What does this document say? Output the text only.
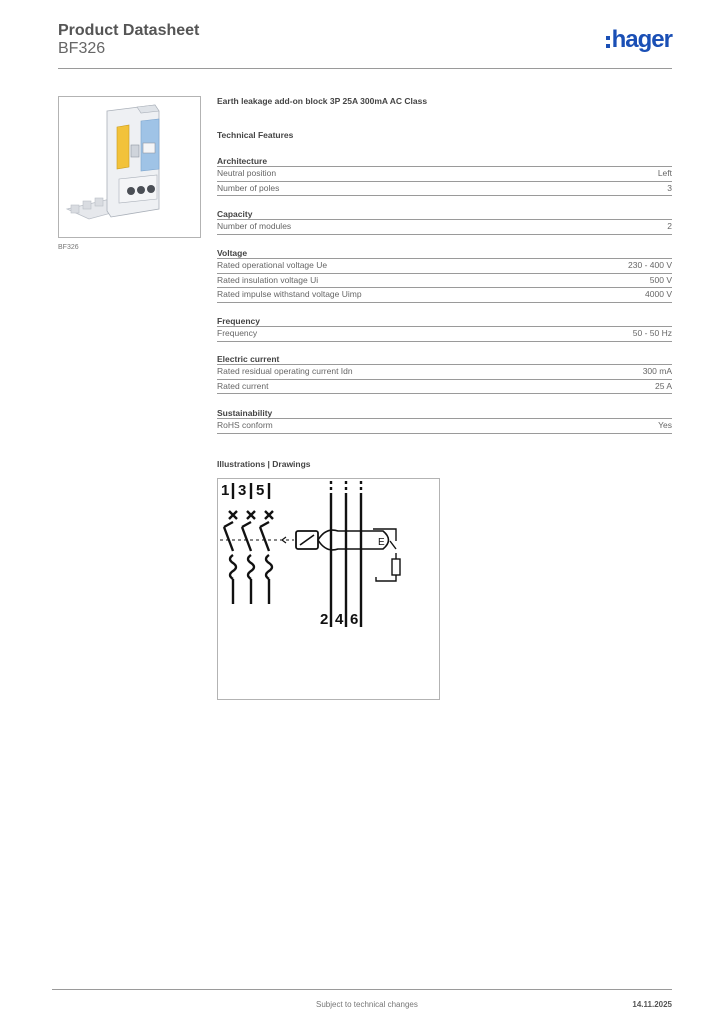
Product Datasheet
BF326	hager
BF326
Earth leakage add-on block 3P 25A 300mA AC Class
Technical Features
Architecture
Neutral position	Left
Number of poles	3
Capacity
Number of modules	2
Voltage
Rated operational voltage Ue	230 - 400 V
Rated insulation voltage Ui	500 V
Rated impulse withstand voltage Uimp	4000 V
Frequency
Frequency	50 - 50 Hz
Electric current
Rated residual operating current Idn	300 mA
Rated current	25 A
Sustainability
RoHS conform	Yes
Illustrations | Drawings
1 3 5
2 4 6
E
Subject to technical changes	14.11.2025
